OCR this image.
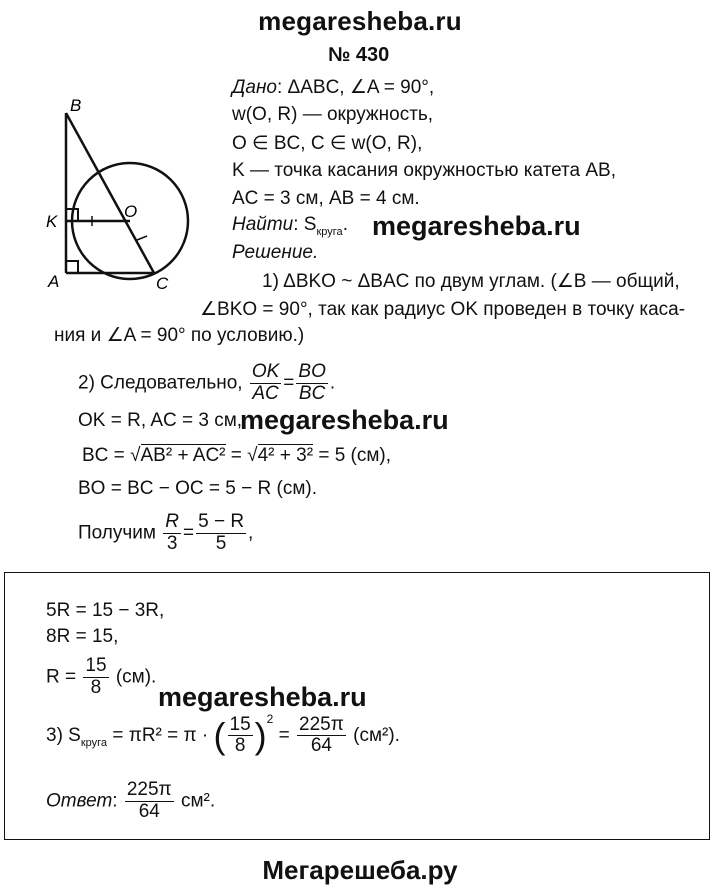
megaresheba.ru
№ 430
B
K
A
O
C
Дано: ΔABC, ∠A = 90°,
w(O, R) — окружность,
O ∈ BC, C ∈ w(O, R),
K — точка касания окружностью катета AB,
AC = 3 см, AB = 4 см.
Найти: $S_{круга}$. megaresheba.ru
Решение.
1) ΔBKO ~ ΔBAC по двум углам. (∠B — общий,
∠BKO = 90°, так как радиус OK проведен в точку каса-
ния и ∠A = 90° по условию.)
2) Следовательно, $\frac{OK}{AC} = \frac{BO}{BC}$ .
OK = R, AC = 3 см,
megaresheba.ru
BC = √AB² + AC² = √4² + 3² = 5 (см),
BO = BC − OC = 5 − R (см).
Получим $\frac{R}{3} = \frac{5 - R}{5}$ ,
5R = 15 − 3R,
8R = 15,
$R = \frac{15}{8} (см)$.
megaresheba.ru
3) $S_{круга} = \pi R^2 = \pi$ · ( $\frac{15}{8} )^2 = \frac{225\pi}{64} (см^2)$.
Ответ: $\frac{225\pi}{64} см^2$.
Мегарешеба.ру
